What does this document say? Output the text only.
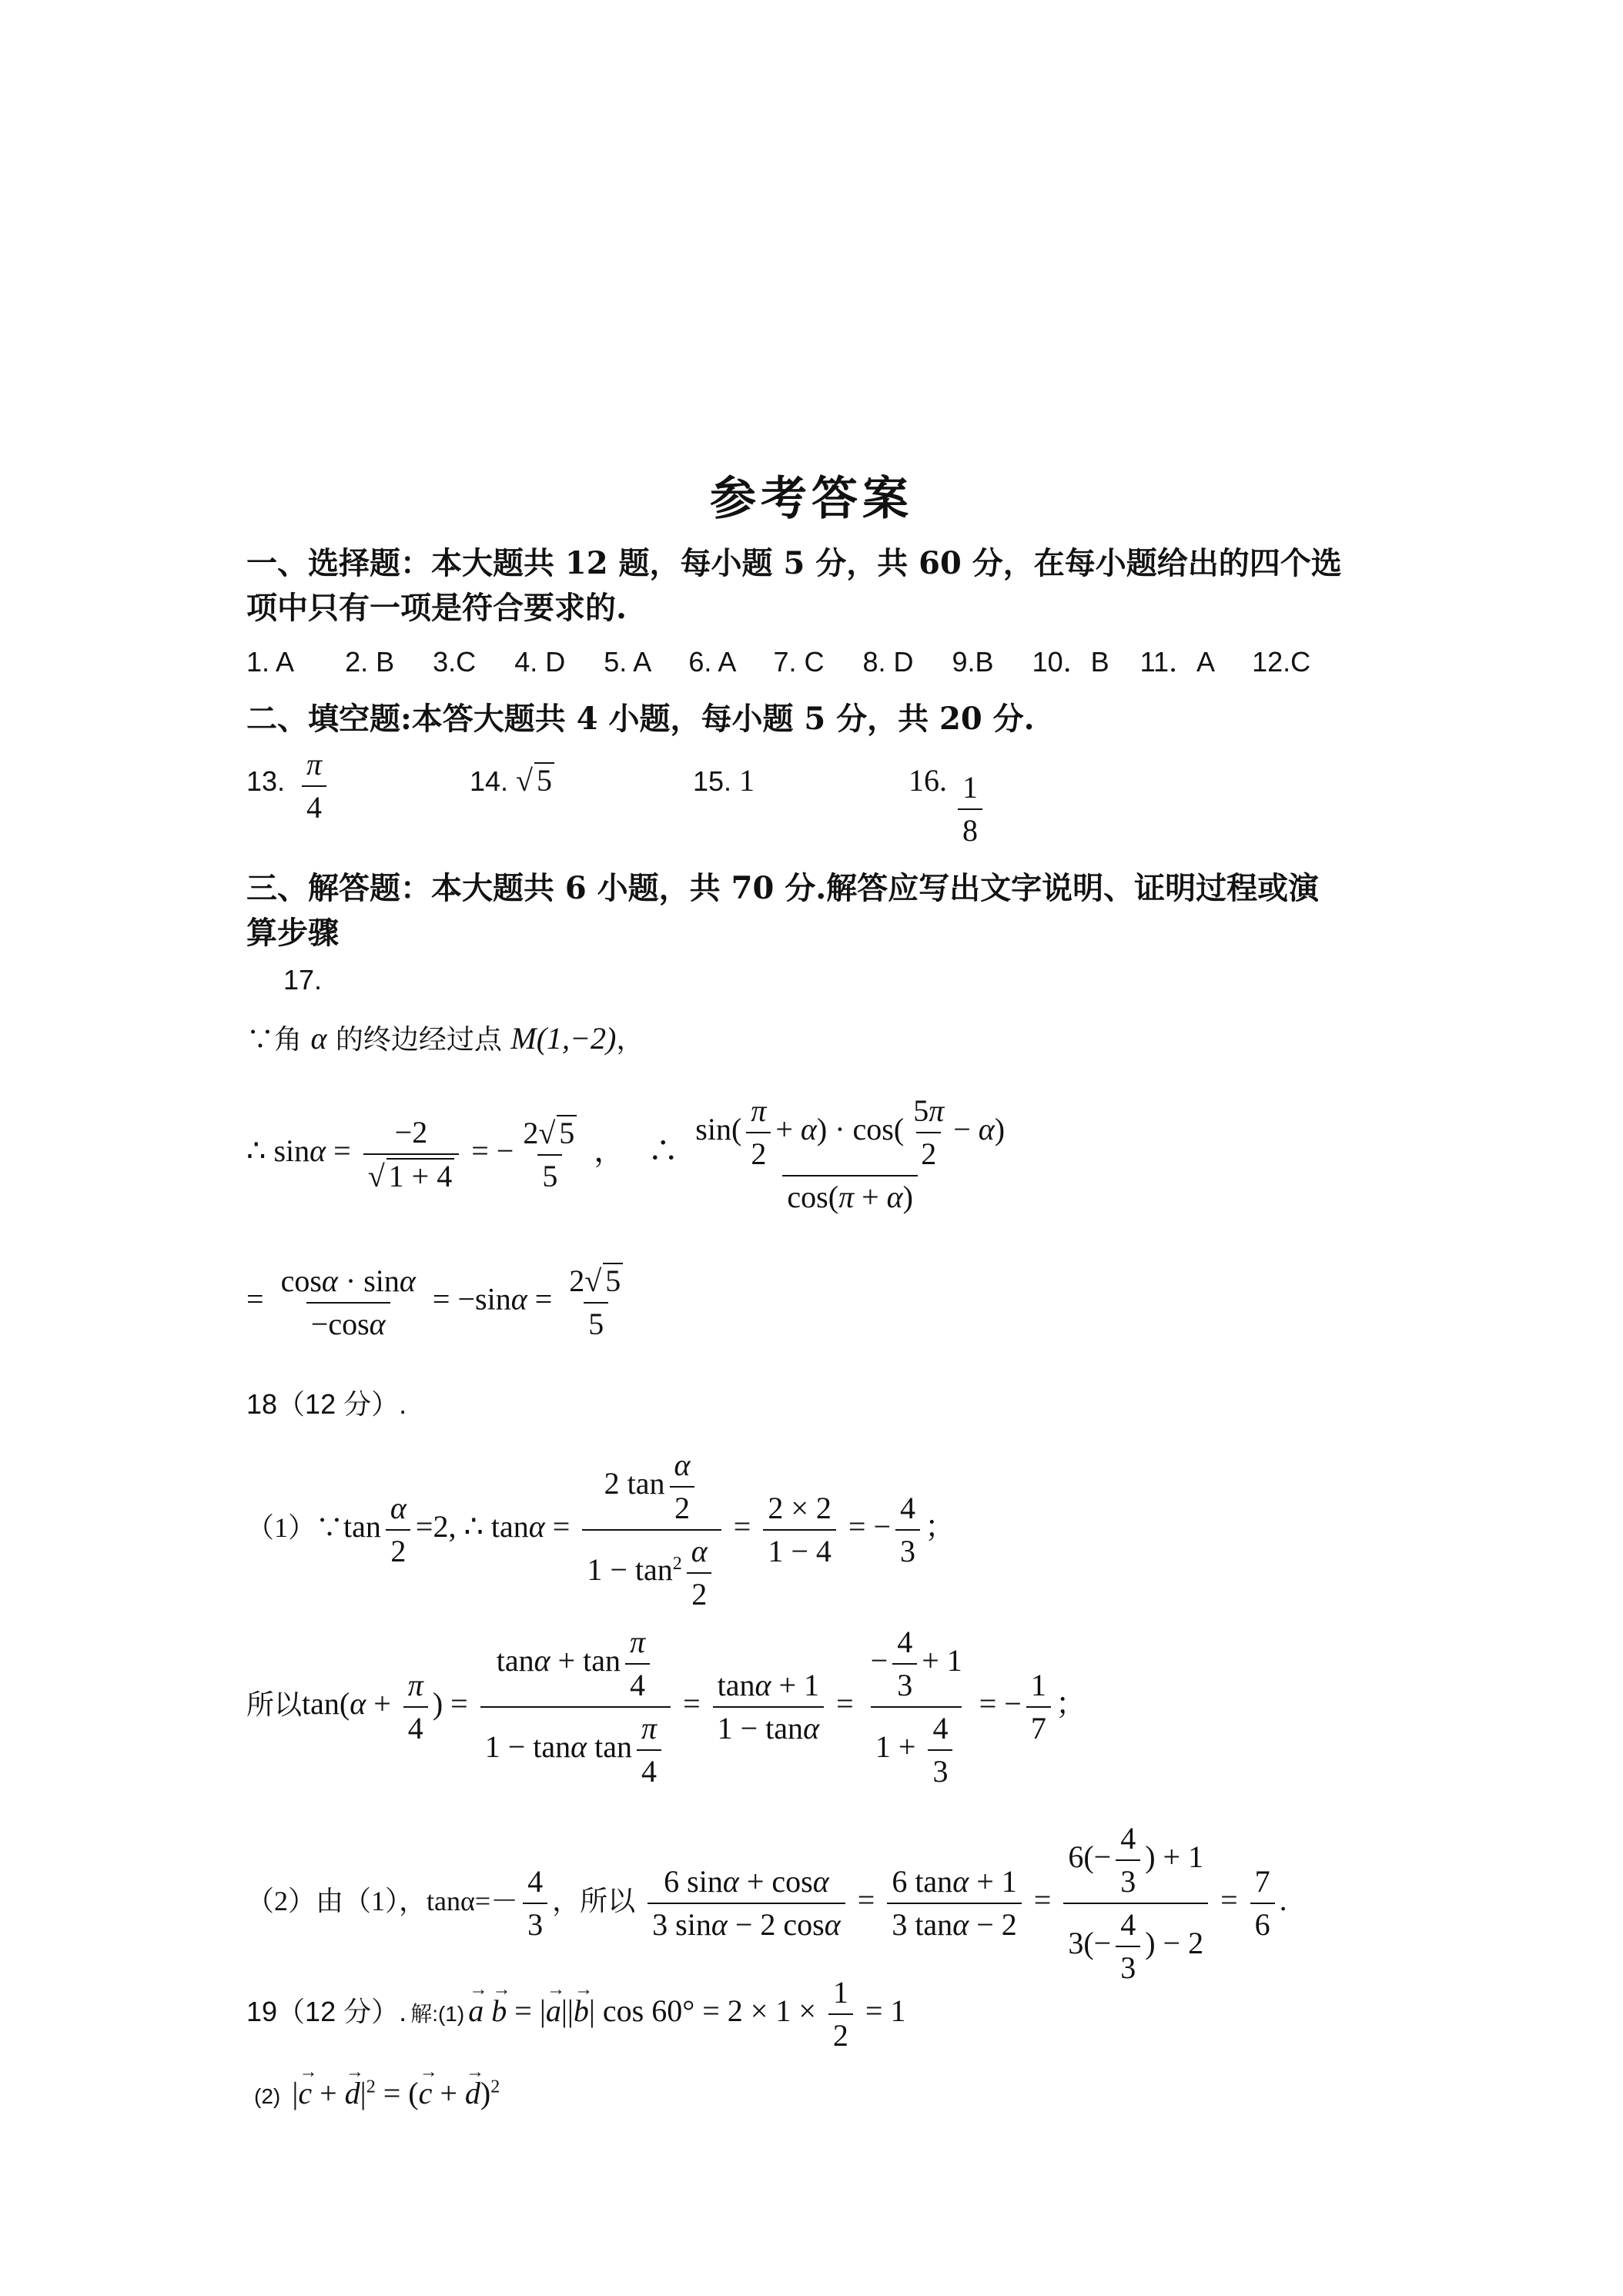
参考答案
一、选择题：本大题共 12 题，每小题 5 分，共 60 分，在每小题给出的四个选
项中只有一项是符合要求的.
1. A 2. B 3.C 4. D 5. A 6. A 7. C 8. D 9.B 10．B 11．A 12.C
二、填空题:本答大题共 4 小题，每小题 5 分，共 20 分.
13. $\frac{\pi}{4}$	14. √ 5	15. 1	16. $\frac{1}{8}$
三、解答题：本大题共 6 小题，共 70 分.解答应写出文字说明、证明过程或演
算步骤
17.
∵角 α 的终边经过点 M(1,−2)，
∴ $\sin\alpha = \frac{-2}{√ 1 + 4}$ = − $\frac{2√ 5}{5}$ ，   ∴ $\frac{\sin( \frac{\pi}{2} + \alpha) \cdot \cos( \frac{5\pi}{2} - \alpha)}{\cos(\pi + \alpha)}$
= $\frac{\cos\alpha \cdot \sin\alpha}{-\cos\alpha} = -\sin\alpha = \frac{2√ 5}{5}$
18（12 分）.
（1）∵tan $\frac{\alpha}{2} =2$, ∴ $\tan\alpha = \frac{2 \tan \frac{\alpha}{2}}{1 - \tan^2 \frac{\alpha}{2}} = \frac{2 \times 2}{1 - 4}$ = − $\frac{4}{3}$ ；
所以$\tan(\alpha + \frac{\pi}{4}$ ) = $\frac{\tan\alpha + \tan \frac{\pi}{4}}{1 - \tan\alpha \tan \frac{\pi}{4}} = \frac{\tan\alpha + 1}{1 - \tan\alpha} = \frac{- \frac{4}{3} + 1}{1 + \frac{4}{3}}$ = − $\frac{1}{7}$ ；
（2）由（1），$\tan\alpha=- \frac{4}{3}$ ，所以 $\frac{6 \sin\alpha + \cos\alpha}{3 \sin\alpha - 2 \cos\alpha} = \frac{6 \tan\alpha + 1}{3 \tan\alpha - 2} = \frac{6(- \frac{4}{3} ) + 1}{3(- \frac{4}{3} ) - 2} = \frac{7}{6}$ .
19（12 分）. 解:(1) → a → b = |→ a||→ b| $\cos 60^\circ = 2 \times 1 \times \frac{1}{2} = 1$
(2)  |→ c + → $d|^2$ = (→ c + → d)$^2$
